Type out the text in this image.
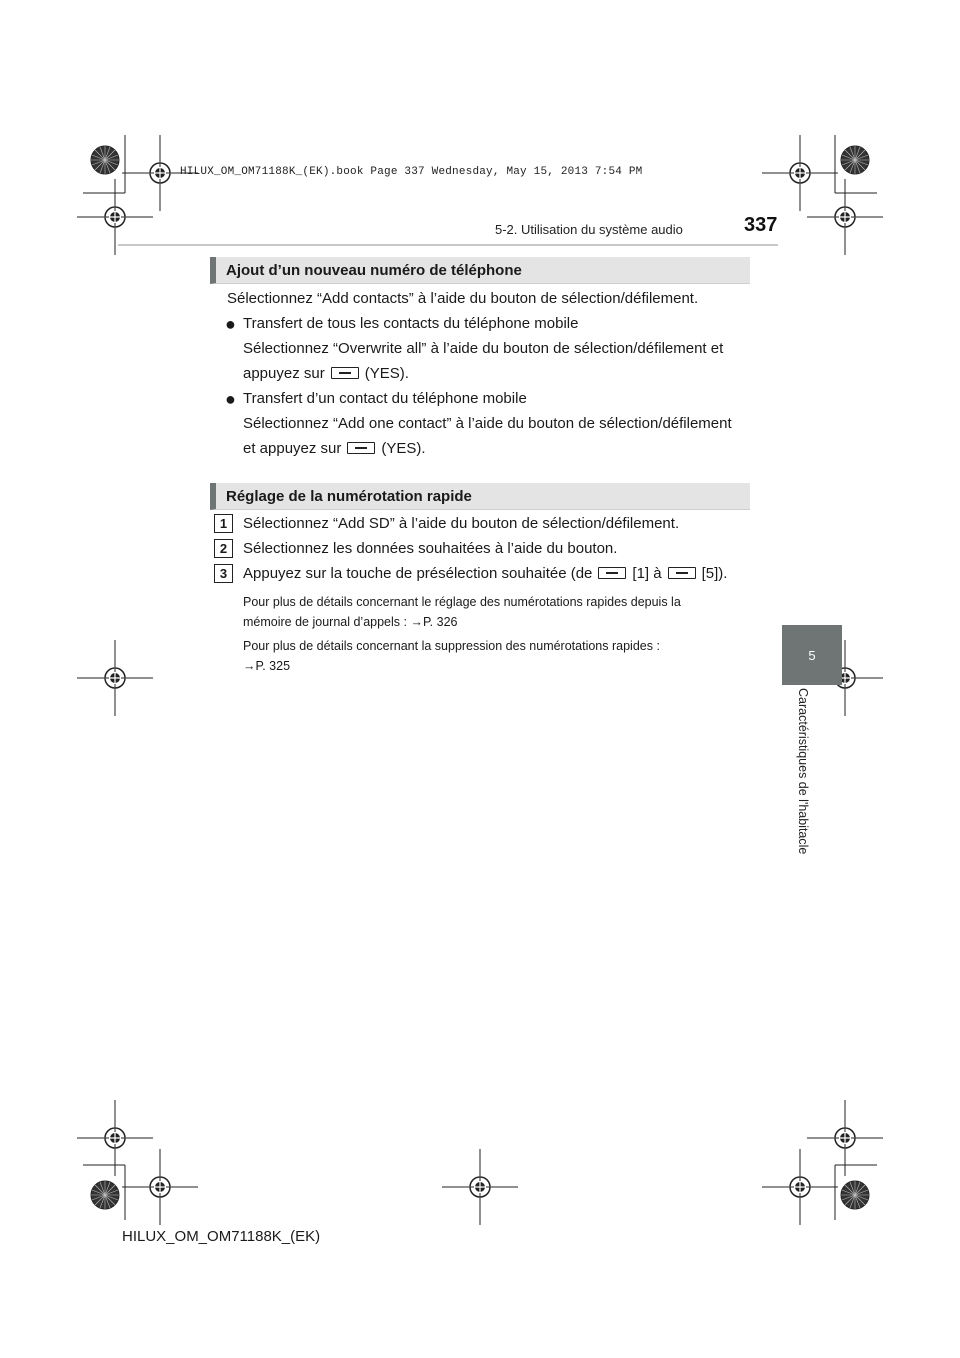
HILUX_OM_OM71188K_(EK).book Page 337 Wednesday, May 15, 2013 7:54 PM
5-2. Utilisation du système audio	337
5
Caractéristiques de l'habitacle
Ajout d’un nouveau numéro de téléphone
Sélectionnez “Add contacts” à l’aide du bouton de sélection/défilement.
● Transfert de tous les contacts du téléphone mobile
Sélectionnez “Overwrite all” à l’aide du bouton de sélection/défilement et
appuyez sur	(YES).
● Transfert d’un contact du téléphone mobile
Sélectionnez “Add one contact” à l’aide du bouton de sélection/défilement
et appuyez sur	(YES).
Réglage de la numérotation rapide
1	Sélectionnez “Add SD” à l’aide du bouton de sélection/défilement.
2	Sélectionnez les données souhaitées à l’aide du bouton.
3	Appuyez sur la touche de présélection souhaitée (de	[1] à	[5]).
Pour plus de détails concernant le réglage des numérotations rapides depuis la
mémoire de journal d’appels : →P. 326
Pour plus de détails concernant la suppression des numérotations rapides :
→P. 325
HILUX_OM_OM71188K_(EK)
